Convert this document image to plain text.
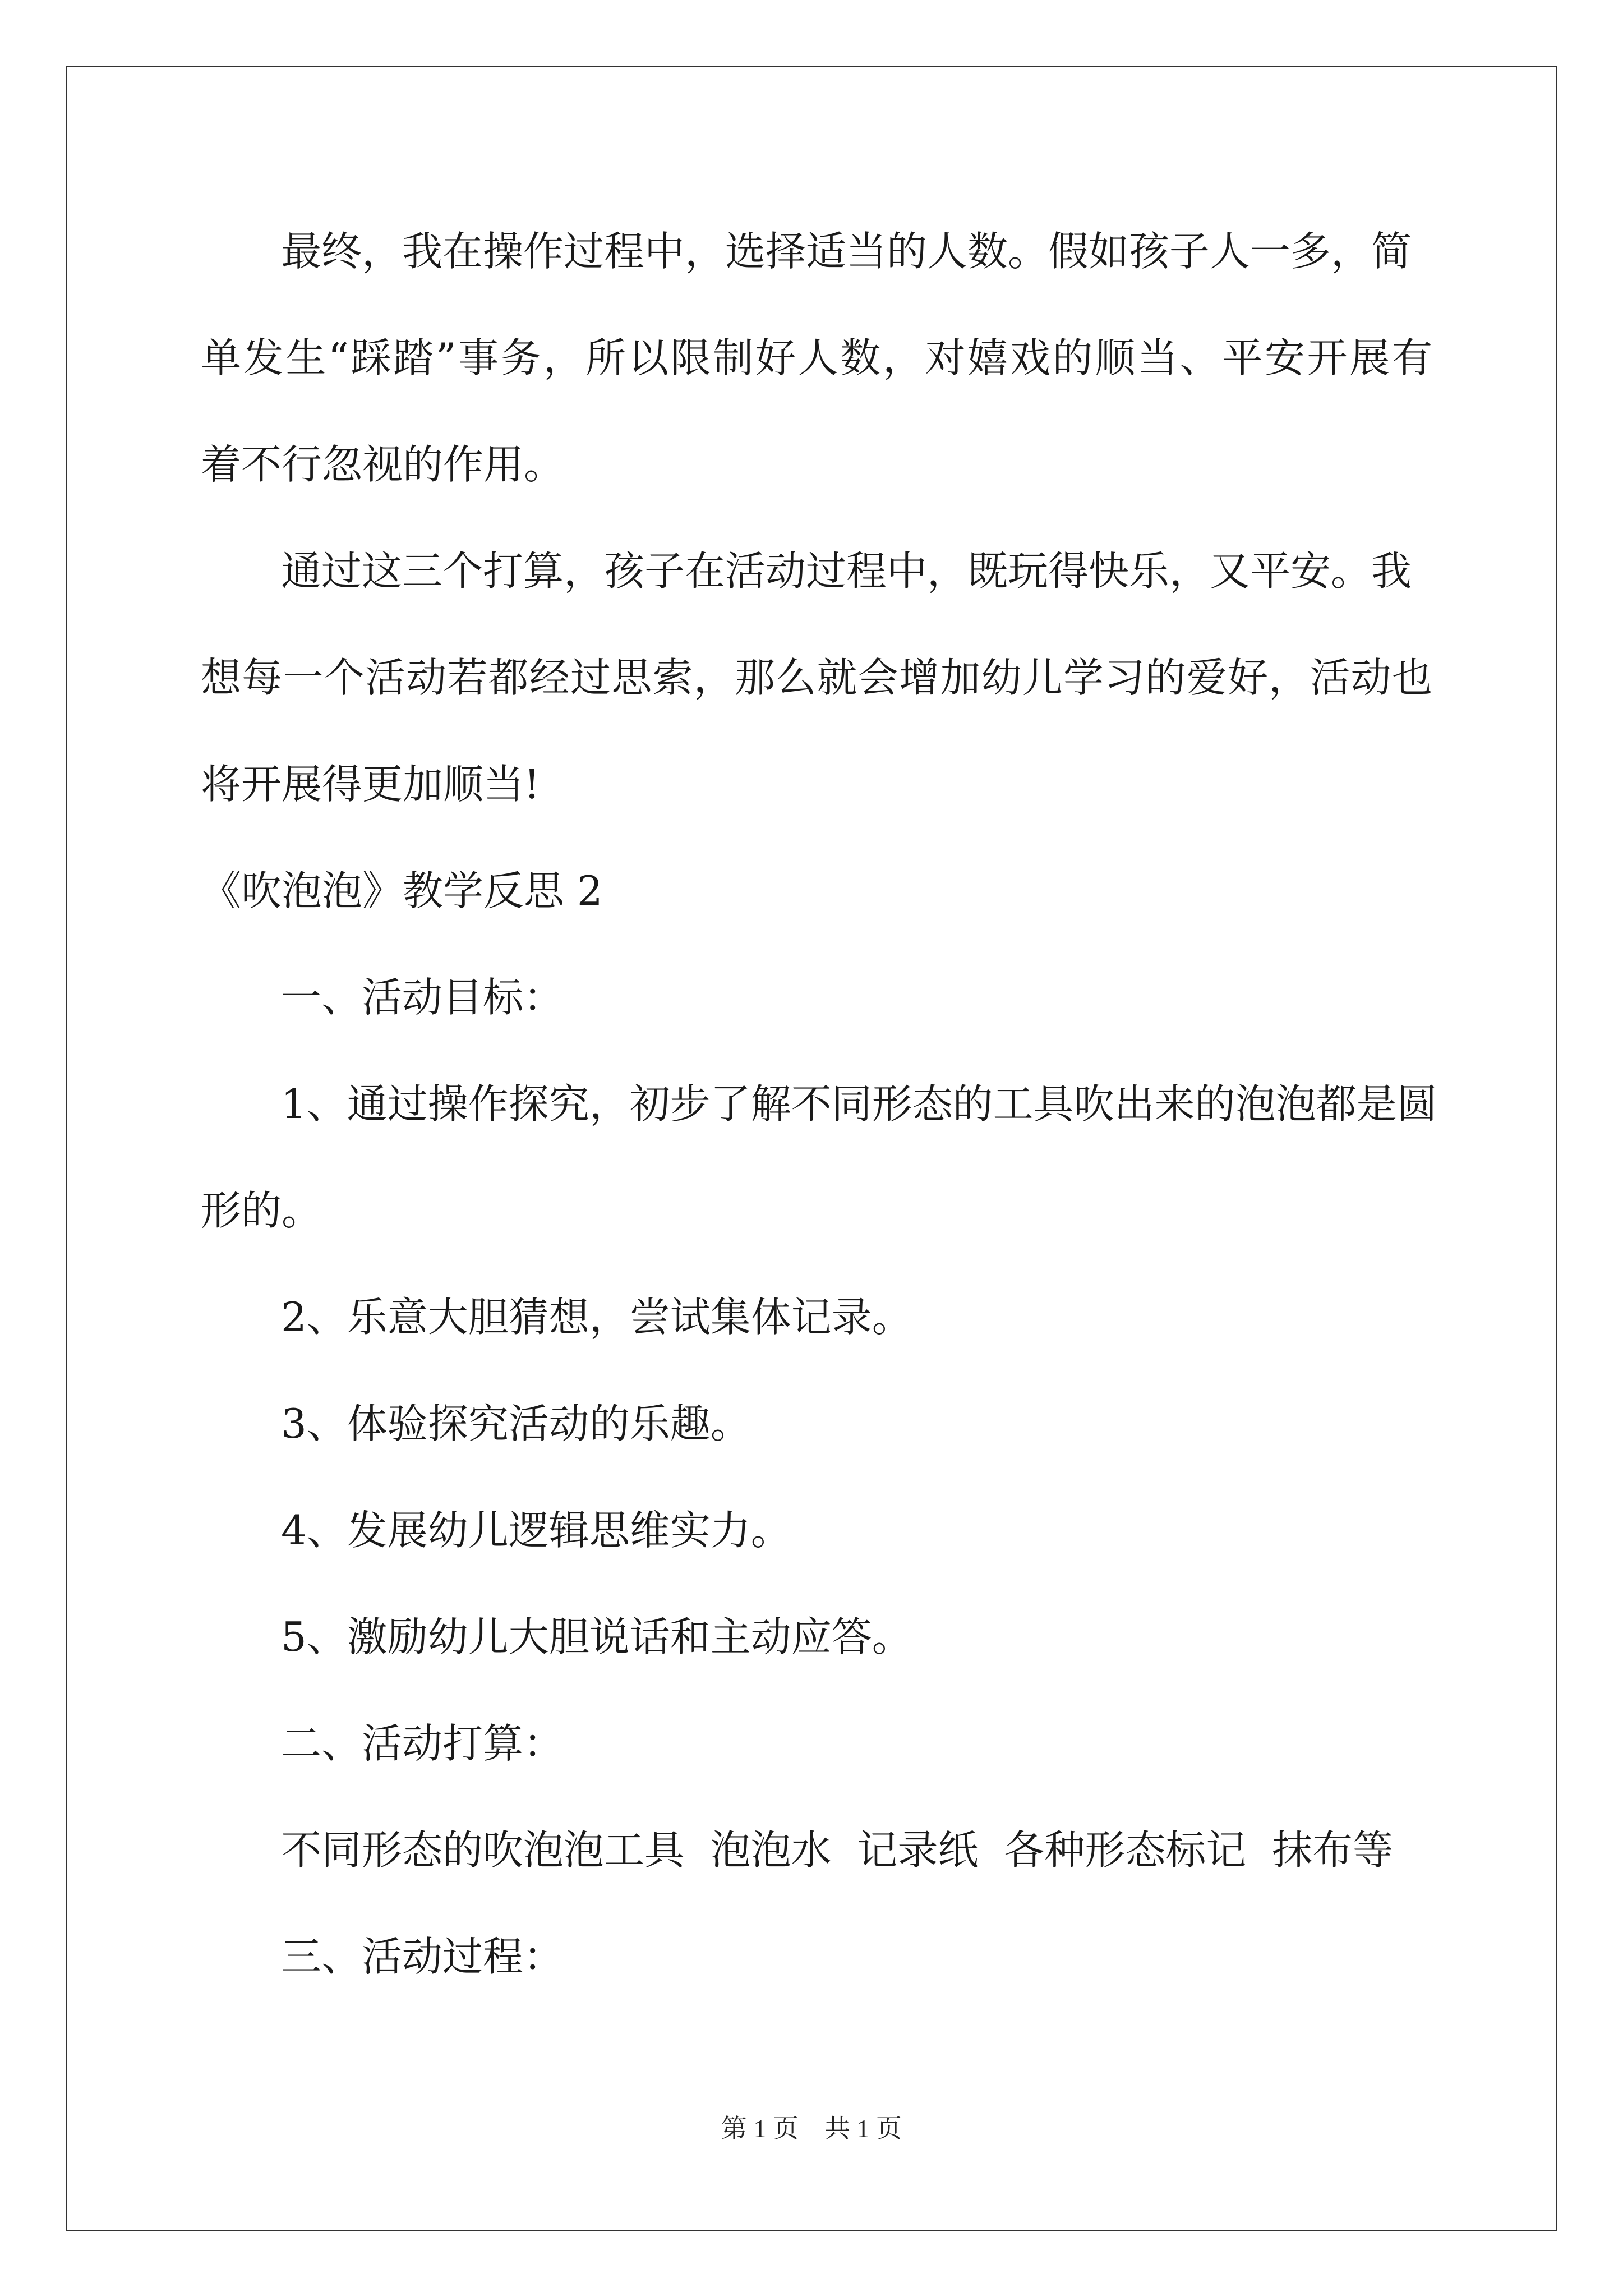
最终，我在操作过程中，选择适当的人数。假如孩子人一多，简
单发生“踩踏”事务，所以限制好人数，对嬉戏的顺当、平安开展有
着不行忽视的作用。
通过这三个打算，孩子在活动过程中，既玩得快乐，又平安。我
想每一个活动若都经过思索，那么就会增加幼儿学习的爱好，活动也
将开展得更加顺当!
《吹泡泡》教学反思 2
一、活动目标：
1、通过操作探究，初步了解不同形态的工具吹出来的泡泡都是圆
形的。
2、乐意大胆猜想，尝试集体记录。
3、体验探究活动的乐趣。
4、发展幼儿逻辑思维实力。
5、激励幼儿大胆说话和主动应答。
二、活动打算：
不同形态的吹泡泡工具  泡泡水  记录纸  各种形态标记  抹布等
三、活动过程：
第 1 页    共 1 页
